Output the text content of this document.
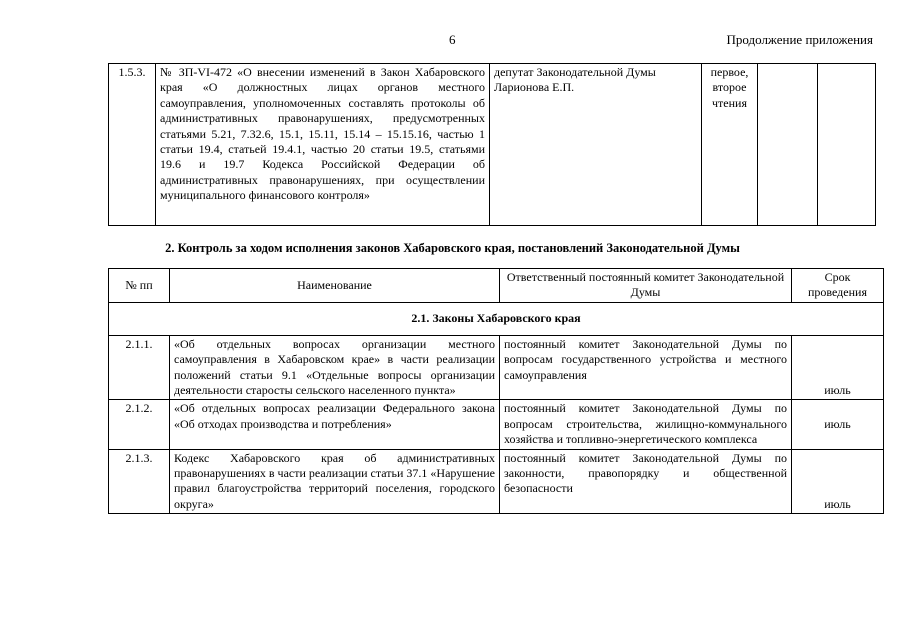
6	Продолжение приложения
1.5.3.	№ ЗП-VI-472 «О внесении изменений в Закон Хабаровского края «О должностных лицах органов местного самоуправления, уполномоченных составлять протоколы об административных правонарушениях, предусмотренных статьями 5.21, 7.32.6, 15.1, 15.11, 15.14 – 15.15.16, частью 1 статьи 19.4, статьей 19.4.1, частью 20 статьи 19.5, статьями 19.6 и 19.7 Кодекса Российской Федерации об административных правонарушениях, при осуществлении муниципального финансового контроля»	депутат Законодательной Думы Ларионова Е.П.	первое, второе чтения		
2. Контроль за ходом исполнения законов Хабаровского края, постановлений Законодательной Думы
№ пп	Наименование	Ответственный постоянный комитет Законодательной Думы	Срок проведения
2.1. Законы Хабаровского края			
2.1.1.	«Об отдельных вопросах организации местного самоуправления в Хабаровском крае» в части реализации положений статьи 9.1 «Отдельные вопросы организации деятельности старосты сельского населенного пункта»	постоянный комитет Законодательной Думы по вопросам государственного устройства и местного самоуправления	июль
2.1.2.	«Об отдельных вопросах реализации Федерального закона «Об отходах производства и потребления»	постоянный комитет Законодательной Думы по вопросам строительства, жилищно-коммунального хозяйства и топливно-энергетического комплекса	июль
2.1.3.	Кодекс Хабаровского края об административных правонарушениях в части реализации статьи 37.1 «Нарушение правил благоустройства территорий поселения, городского округа»	постоянный комитет Законодательной Думы по законности, правопорядку и общественной безопасности	июль
